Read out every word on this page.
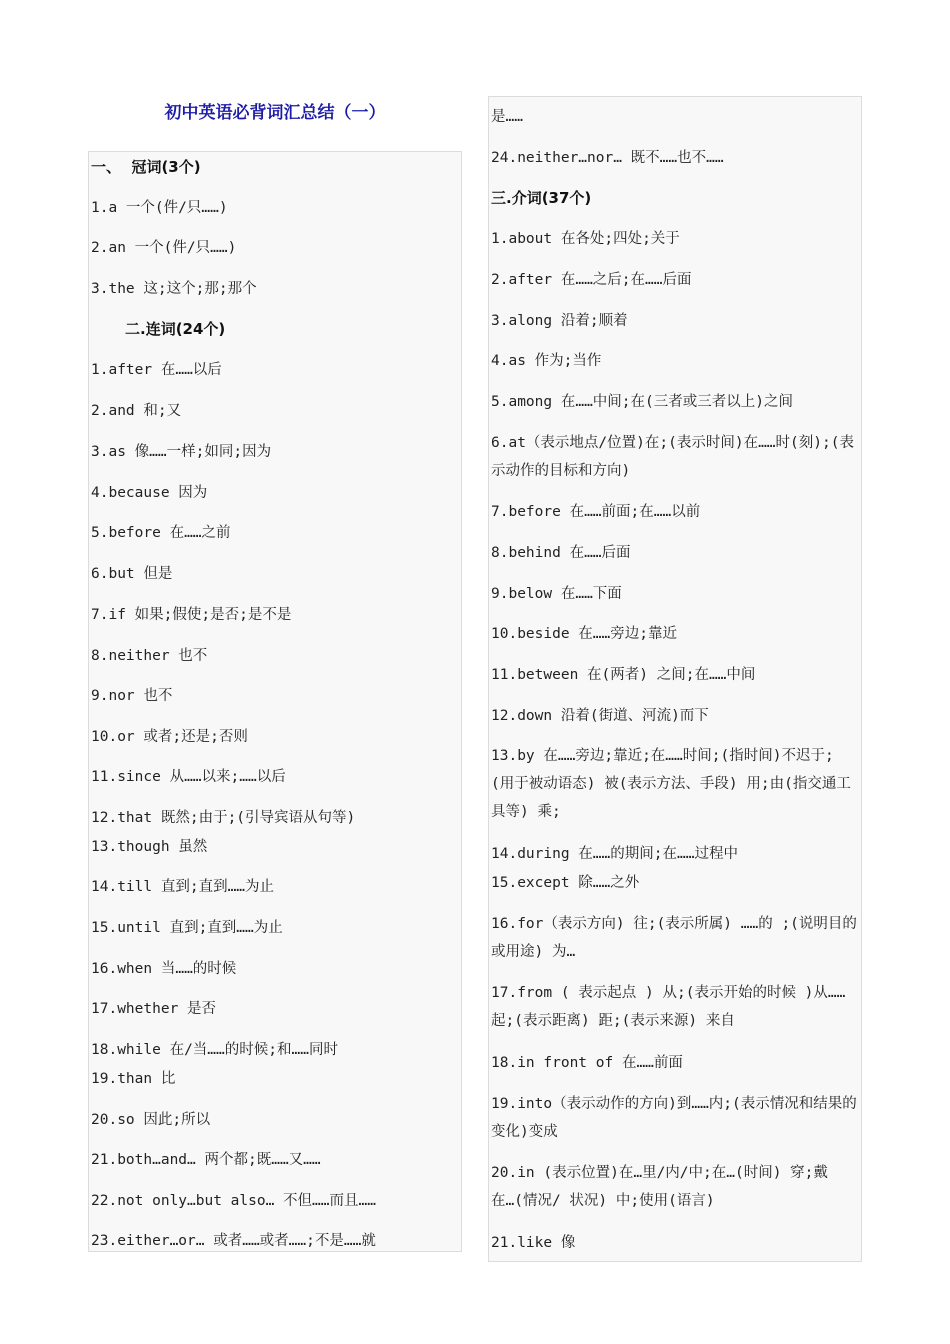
初中英语必背词汇总结（一）
一、  冠词(3个)
1.a 一个(件/只……)
2.an 一个(件/只……)
3.the 这;这个;那;那个
二.连词(24个)
1.after 在……以后
2.and 和;又
3.as 像……一样;如同;因为
4.because 因为
5.before 在……之前
6.but 但是
7.if 如果;假使;是否;是不是
8.neither 也不
9.nor 也不
10.or 或者;还是;否则
11.since 从……以来;……以后
12.that 既然;由于;(引导宾语从句等)
13.though 虽然
14.till 直到;直到……为止
15.until 直到;直到……为止
16.when 当……的时候
17.whether 是否
18.while 在/当……的时候;和……同时
19.than 比
20.so 因此;所以
21.both…and… 两个都;既……又……
22.not only…but also… 不但……而且……
23.either…or… 或者……或者……;不是……就
是……
24.neither…nor… 既不……也不……
三.介词(37个)
1.about 在各处;四处;关于
2.after 在……之后;在……后面
3.along 沿着;顺着
4.as 作为;当作
5.among 在……中间;在(三者或三者以上)之间
6.at（表示地点/位置)在;(表示时间)在……时(刻);(表示动作的目标和方向)
7.before 在……前面;在……以前
8.behind 在……后面
9.below 在……下面
10.beside 在……旁边;靠近
11.between 在(两者) 之间;在……中间
12.down 沿着(街道、河流)而下
13.by 在……旁边;靠近;在……时间;(指时间)不迟于; (用于被动语态) 被(表示方法、手段) 用;由(指交通工具等) 乘;
14.during 在……的期间;在……过程中
15.except 除……之外
16.for（表示方向) 往;(表示所属) ……的 ;(说明目的或用途) 为…
17.from ( 表示起点 ) 从;(表示开始的时候 )从……起;(表示距离) 距;(表示来源) 来自
18.in front of 在……前面
19.into（表示动作的方向)到……内;(表示情况和结果的变化)变成
20.in (表示位置)在…里/内/中;在…(时间) 穿;戴 在…(情况/ 状况) 中;使用(语言)
21.like 像
